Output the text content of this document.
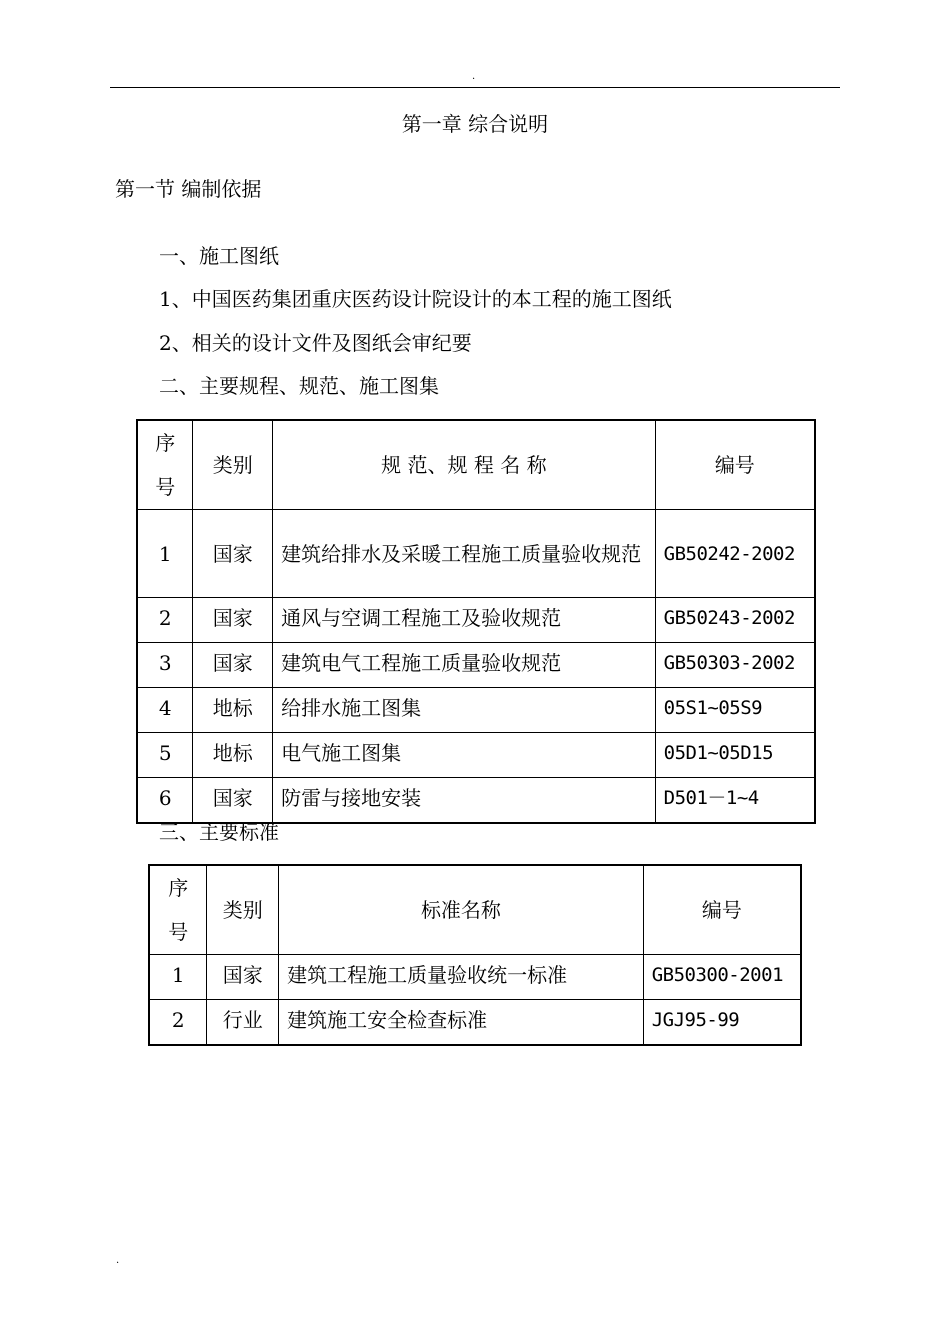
.
第一章 综合说明
第一节 编制依据
一、施工图纸
1、中国医药集团重庆医药设计院设计的本工程的施工图纸
2、相关的设计文件及图纸会审纪要
二、主要规程、规范、施工图集
序号	类别	规 范、规 程 名 称	编号
1	国家	建筑给排水及采暖工程施工质量验收规范	GB50242-2002
2	国家	通风与空调工程施工及验收规范	GB50243-2002
3	国家	建筑电气工程施工质量验收规范	GB50303-2002
4	地标	给排水施工图集	05S1~05S9
5	地标	电气施工图集	05D1~05D15
6	国家	防雷与接地安装	D501－1~4
三、主要标准
序号	类别	标准名称	编号
1	国家	建筑工程施工质量验收统一标准	GB50300-2001
2	行业	建筑施工安全检查标准	JGJ95-99
.
